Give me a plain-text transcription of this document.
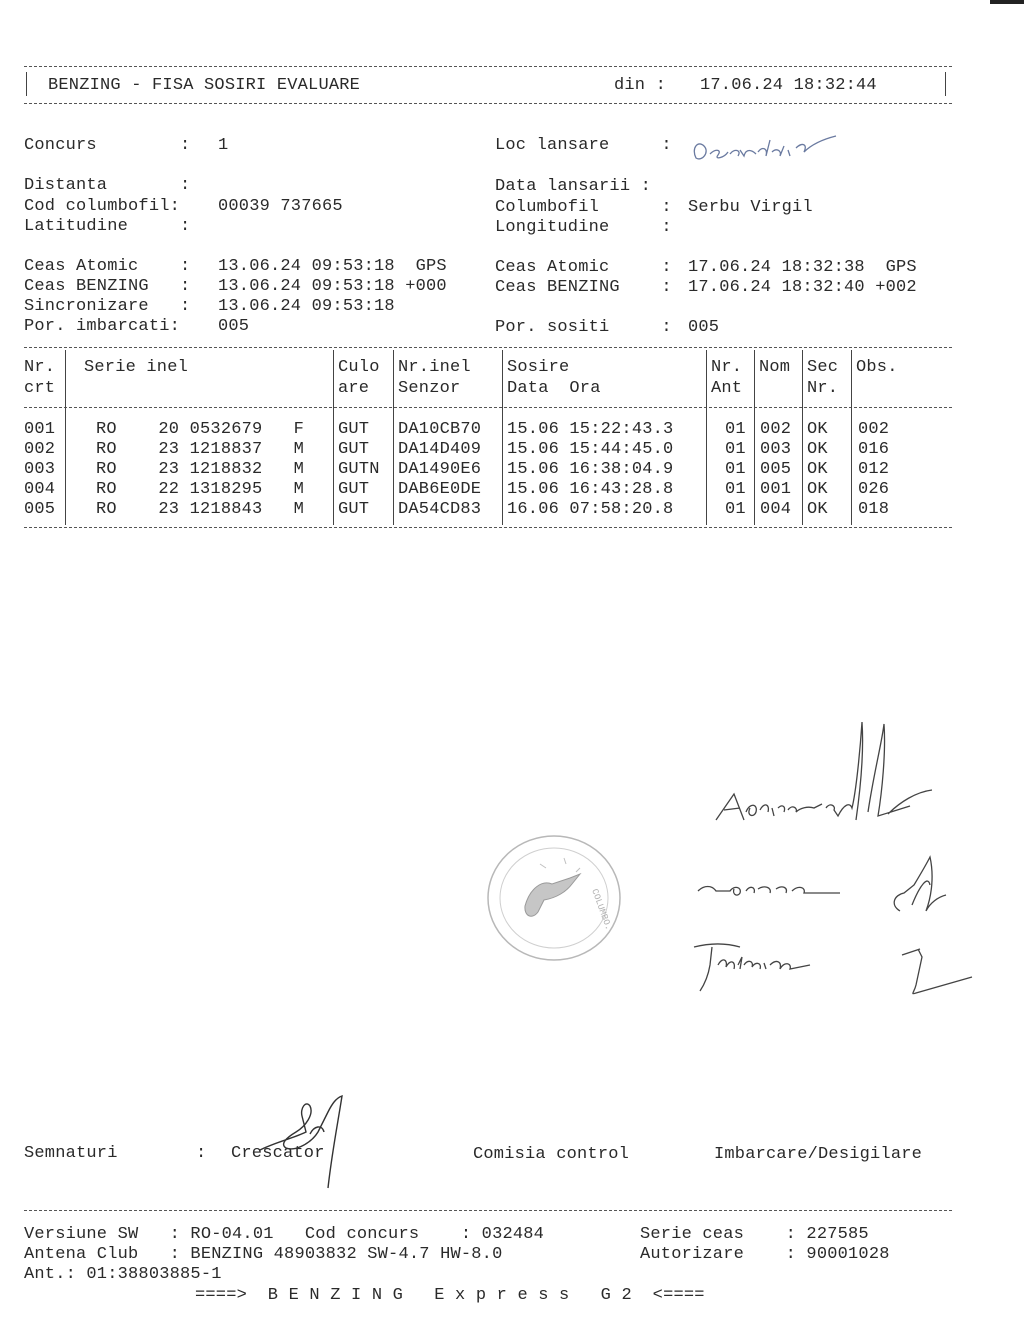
BENZING - FISA SOSIRI EVALUARE	din : 17.06.24 18:32:44
Concurs        : 1
Distanta       :
Cod columbofil: 00039 737665
Latitudine     :
Ceas Atomic    : 13.06.24 09:53:18  GPS
Ceas BENZING   : 13.06.24 09:53:18 +000
Sincronizare   : 13.06.24 09:53:18
Por. imbarcati: 005
Loc lansare     :
Data lansarii :
Columbofil      : Serbu Virgil
Longitudine     :
Ceas Atomic     : 17.06.24 18:32:38  GPS
Ceas BENZING    : 17.06.24 18:32:40 +002
Por. sositi     : 005
Nr. Serie inel	Culo Nr.inel Sosire	Nr. Nom Sec Obs.
crt	are Senzor	Data  Ora	Ant	Nr.
001 RO    20 0532679   F GUT DA10CB70 15.06 15:22:43.3	01 002 OK 002
002 RO    23 1218837   M GUT DA14D409 15.06 15:44:45.0	01 003 OK 016
003 RO    23 1218832   M GUTN DA1490E6 15.06 16:38:04.9	01 005 OK 012
004 RO    22 1318295   M GUT DAB6E0DE 15.06 16:43:28.8	01 001 OK 026
005 RO    23 1218843   M GUT DA54CD83 16.06 07:58:20.8	01 004 OK 018
COLUMBO.
Semnaturi	: Crescator	Comisia control	Imbarcare/Desigilare
Versiune SW   : RO-04.01   Cod concurs    : 032484	Serie ceas    : 227585
Antena Club   : BENZING 48903832 SW-4.7 HW-8.0	Autorizare    : 90001028
Ant.: 01:38803885-1
====>  B E N Z I N G   E x p r e s s   G 2  <====
